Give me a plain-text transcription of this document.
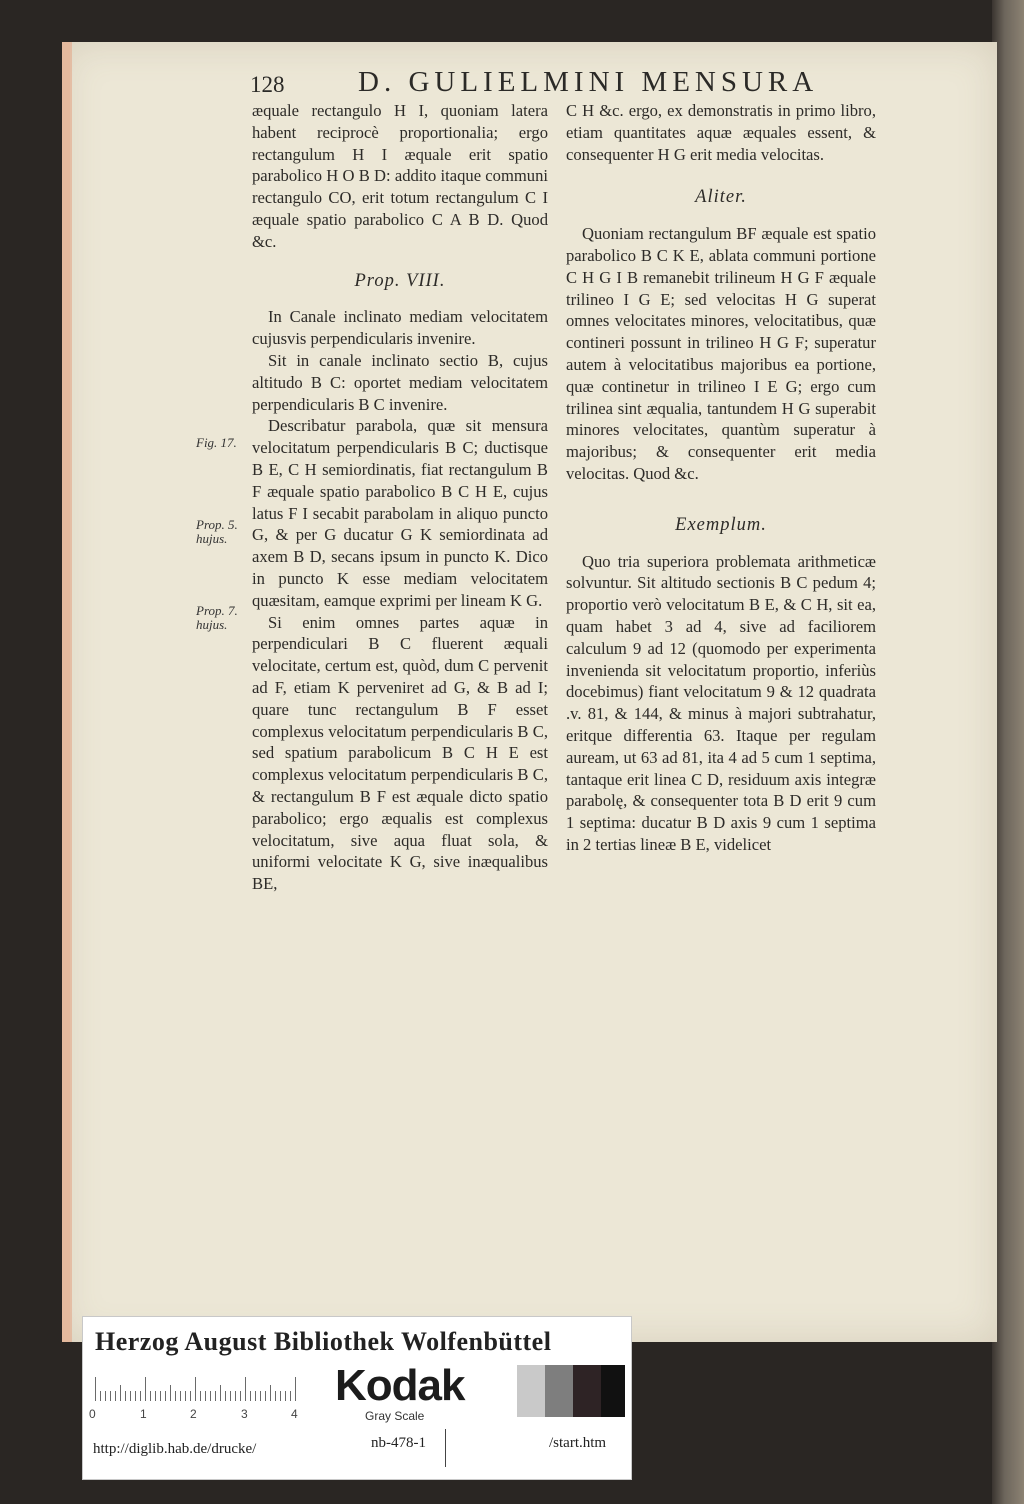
128	D. GULIELMINI MENSURA

æquale rectangulo H I, quoniam latera habent reciprocè proportionalia; ergo rectangulum H I æquale erit spatio parabolico H O B D: addito itaque communi rectangulo CO, erit totum rectangulum C I æquale spatio parabolico C A B D. Quod &c.

Prop. VIII.

In Canale inclinato mediam velocitatem cujusvis perpendicularis invenire.

Sit in canale inclinato sectio B, cujus altitudo B C: oportet mediam velocitatem perpendicularis B C invenire.

Describatur parabola, quæ sit mensura velocitatum perpendicularis B C; ductisque B E, C H semiordinatis, fiat rectangulum B F æquale spatio parabolico B C H E, cujus latus F I secabit parabolam in aliquo puncto G, & per G ducatur G K semiordinata ad axem B D, secans ipsum in puncto K. Dico in puncto K esse mediam velocitatem quæsitam, eamque exprimi per lineam K G.

Si enim omnes partes aquæ in perpendiculari B C fluerent æquali velocitate, certum est, quòd, dum C pervenit ad F, etiam K perveniret ad G, & B ad I; quare tunc rectangulum B F esset complexus velocitatum perpendicularis B C, sed spatium parabolicum B C H E est complexus velocitatum perpendicularis B C, & rectangulum B F est æquale dicto spatio parabolico; ergo æqualis est complexus velocitatum, sive aqua fluat sola, & uniformi velocitate K G, sive inæqualibus BE,

Fig. 17.
Prop. 5. hujus.
Prop. 7. hujus.

C H &c. ergo, ex demonstratis in primo libro, etiam quantitates aquæ æquales essent, & consequenter H G erit media velocitas.

Aliter.

Quoniam rectangulum BF æquale est spatio parabolico B C K E, ablata communi portione C H G I B remanebit trilineum H G F æquale trilineo I G E; sed velocitas H G superat omnes velocitates minores, velocitatibus, quæ contineri possunt in trilineo H G F; superatur autem à velocitatibus majoribus ea portione, quæ continetur in trilineo I E G; ergo cum trilinea sint æqualia, tantundem H G superabit minores velocitates, quantùm superatur à majoribus; & consequenter erit media velocitas. Quod &c.

Exemplum.

Quo tria superiora problemata arithmeticæ solvuntur. Sit altitudo sectionis B C pedum 4; proportio verò velocitatum B E, & C H, sit ea, quam habet 3 ad 4, sive ad faciliorem calculum 9 ad 12 (quomodo per experimenta invenienda sit velocitatum proportio, inferiùs docebimus) fiant velocitatum 9 & 12 quadrata .v. 81, & 144, & minus à majori subtrahatur, eritque differentia 63. Itaque per regulam auream, ut 63 ad 81, ita 4 ad 5 cum 1 septima, tantaque erit linea C D, residuum axis integræ parabolę, & consequenter tota B D erit 9 cum 1 septima: ducatur B D axis 9 cum 1 septima in 2 tertias lineæ B E, videlicet

Herzog August Bibliothek Wolfenbüttel
0	1	2	3	4
Kodak
Gray Scale
http://diglib.hab.de/drucke/	nb-478-1	/start.htm
